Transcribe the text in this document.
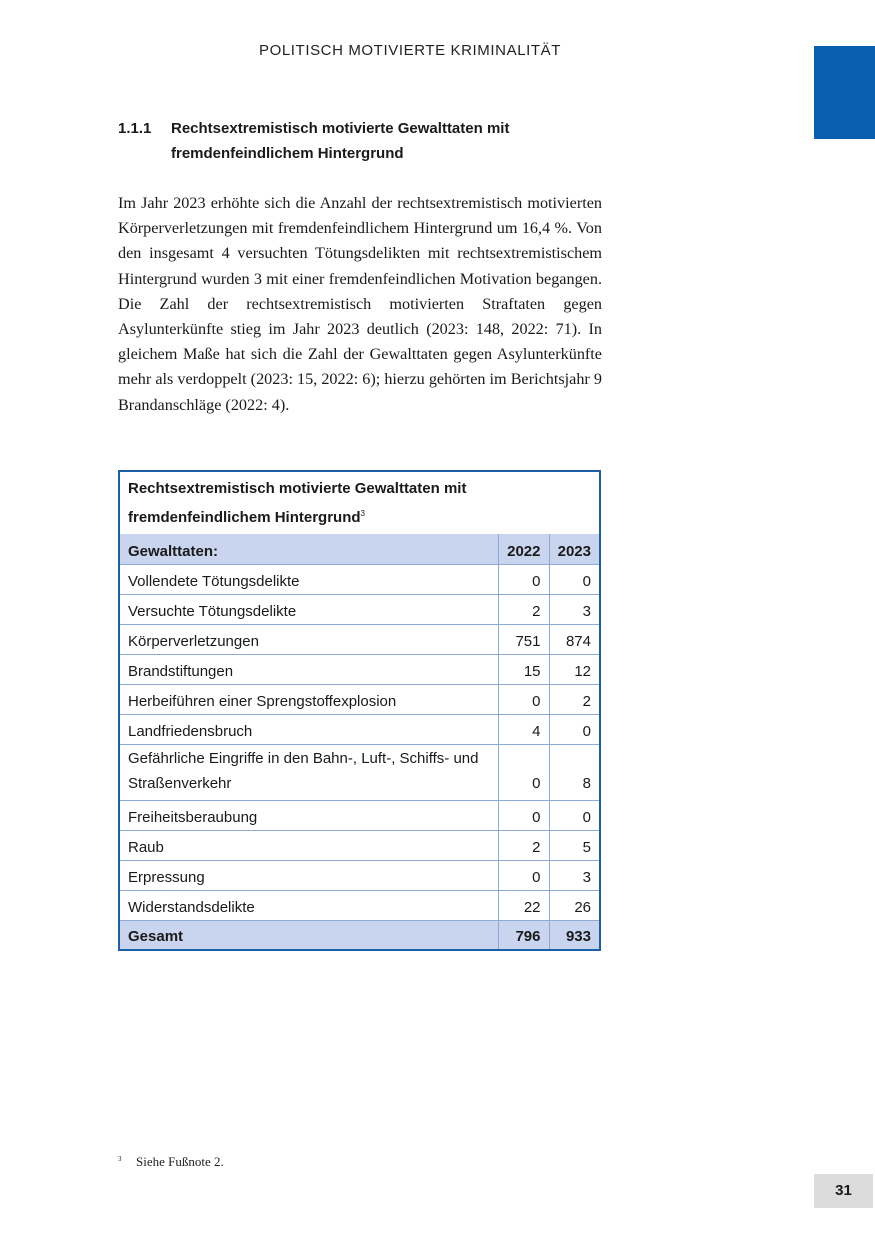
POLITISCH MOTIVIERTE KRIMINALITÄT
1.1.1 Rechtsextremistisch motivierte Gewalttaten mit fremdenfeindlichem Hintergrund

Im Jahr 2023 erhöhte sich die Anzahl der rechtsextremistisch motivierten Körperverletzungen mit fremdenfeindlichem Hintergrund um 16,4 %. Von den insgesamt 4 versuchten Tötungsdelikten mit rechtsextremistischem Hintergrund wurden 3 mit einer fremdenfeindlichen Motivation begangen. Die Zahl der rechtsextremistisch motivierten Straftaten gegen Asylunterkünfte stieg im Jahr 2023 deutlich (2023: 148, 2022: 71). In gleichem Maße hat sich die Zahl der Gewalttaten gegen Asylunterkünfte mehr als verdoppelt (2023: 15, 2022: 6); hierzu gehörten im Berichtsjahr 9 Brandanschläge (2022: 4).

Rechtsextremistisch motivierte Gewalttaten mit fremdenfeindlichem Hintergrund$^3$
Gewalttaten:	2022	2023
Vollendete Tötungsdelikte	0	0
Versuchte Tötungsdelikte	2	3
Körperverletzungen	751	874
Brandstiftungen	15	12
Herbeiführen einer Sprengstoffexplosion	0	2
Landfriedensbruch	4	0
Gefährliche Eingriffe in den Bahn-, Luft-, Schiffs- und Straßenverkehr	0	8
Freiheitsberaubung	0	0
Raub	2	5
Erpressung	0	3
Widerstandsdelikte	22	26
Gesamt	796	933
3 Siehe Fußnote 2.
31
